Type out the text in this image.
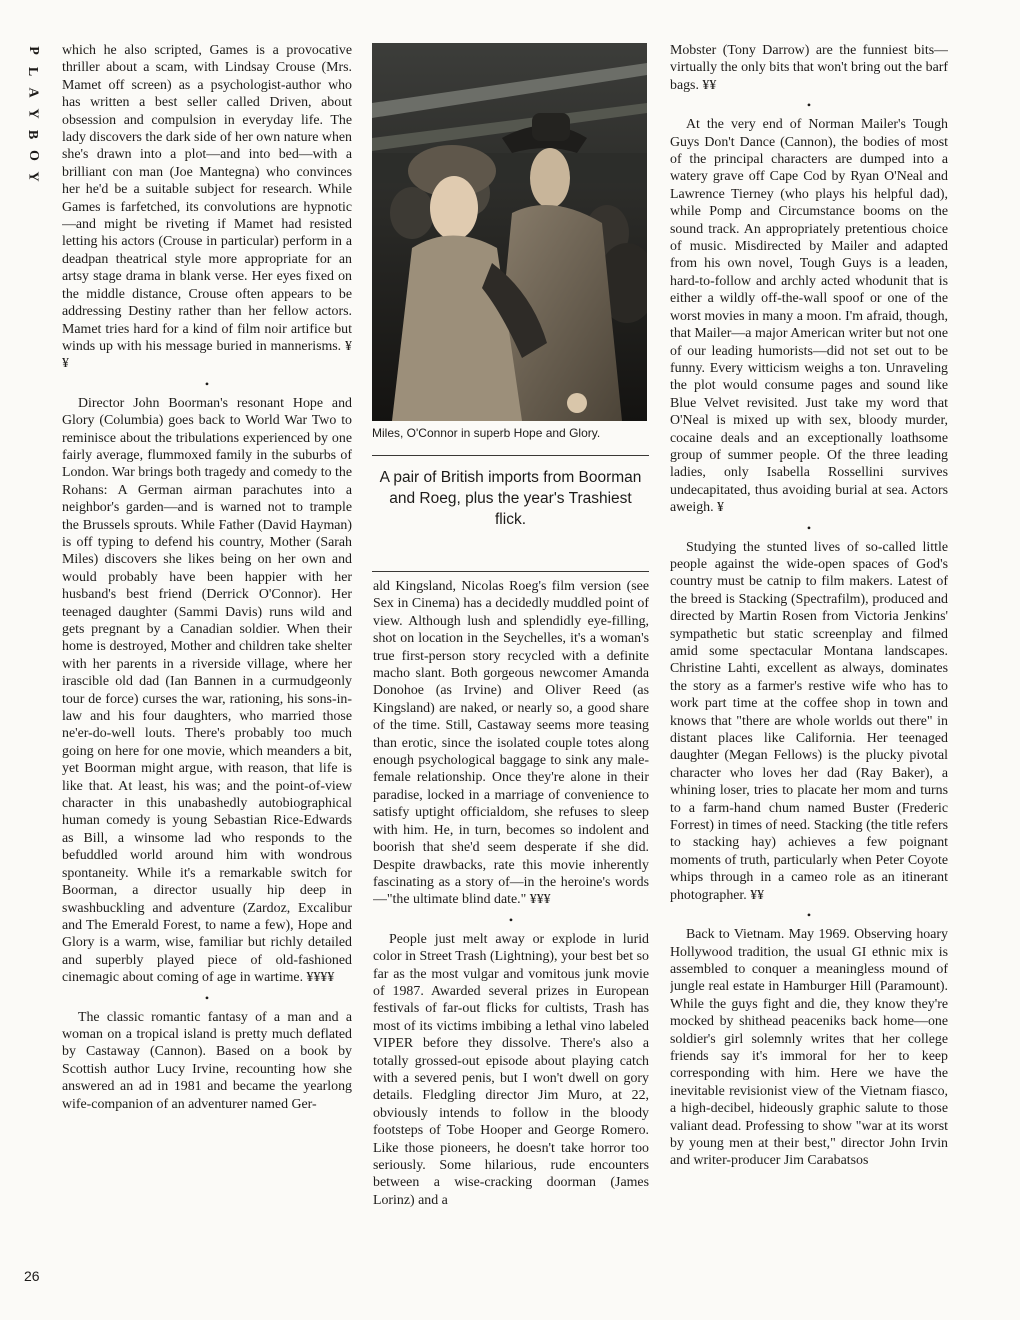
P
L
A
Y
B
O
Y
26

which he also scripted, Games is a provocative thriller about a scam, with Lindsay Crouse (Mrs. Mamet off screen) as a psychologist-author who has written a best seller called Driven, about obsession and compulsion in everyday life. The lady discovers the dark side of her own nature when she's drawn into a plot—and into bed—with a brilliant con man (Joe Mantegna) who convinces her he'd be a suitable subject for research. While Games is farfetched, its convolutions are hypnotic—and might be riveting if Mamet had resisted letting his actors (Crouse in particular) perform in a deadpan theatrical style more appropriate for an artsy stage drama in blank verse. Her eyes fixed on the middle distance, Crouse often appears to be addressing Destiny rather than her fellow actors. Mamet tries hard for a kind of film noir artifice but winds up with his message buried in mannerisms. ¥¥

•

Director John Boorman's resonant Hope and Glory (Columbia) goes back to World War Two to reminisce about the tribulations experienced by one fairly average, flummoxed family in the suburbs of London. War brings both tragedy and comedy to the Rohans: A German airman parachutes into a neighbor's garden—and is warned not to trample the Brussels sprouts. While Father (David Hayman) is off typing to defend his country, Mother (Sarah Miles) discovers she likes being on her own and would probably have been happier with her husband's best friend (Derrick O'Connor). Her teenaged daughter (Sammi Davis) runs wild and gets pregnant by a Canadian soldier. When their home is destroyed, Mother and children take shelter with her parents in a riverside village, where her irascible old dad (Ian Bannen in a curmudgeonly tour de force) curses the war, rationing, his sons-in-law and his four daughters, who married those ne'er-do-well louts. There's probably too much going on here for one movie, which meanders a bit, yet Boorman might argue, with reason, that life is like that. At least, his was; and the point-of-view character in this unabashedly autobiographical human comedy is young Sebastian Rice-Edwards as Bill, a winsome lad who responds to the befuddled world around him with wondrous spontaneity. While it's a remarkable switch for Boorman, a director usually hip deep in swashbuckling and adventure (Zardoz, Excalibur and The Emerald Forest, to name a few), Hope and Glory is a warm, wise, familiar but richly detailed and superbly played piece of old-fashioned cinemagic about coming of age in wartime. ¥¥¥¥

•

The classic romantic fantasy of a man and a woman on a tropical island is pretty much deflated by Castaway (Cannon). Based on a book by Scottish author Lucy Irvine, recounting how she answered an ad in 1981 and became the yearlong wife-companion of an adventurer named Ger-

Miles, O'Connor in superb Hope and Glory.
A pair of British imports from Boorman and Roeg, plus the year's Trashiest flick.

ald Kingsland, Nicolas Roeg's film version (see Sex in Cinema) has a decidedly muddled point of view. Although lush and splendidly eye-filling, shot on location in the Seychelles, it's a woman's true first-person story recycled with a definite macho slant. Both gorgeous newcomer Amanda Donohoe (as Irvine) and Oliver Reed (as Kingsland) are naked, or nearly so, a good share of the time. Still, Castaway seems more teasing than erotic, since the isolated couple totes along enough psychological baggage to sink any male-female relationship. Once they're alone in their paradise, locked in a marriage of convenience to satisfy uptight officialdom, she refuses to sleep with him. He, in turn, becomes so indolent and boorish that she'd seem desperate if she did. Despite drawbacks, rate this movie inherently fascinating as a story of—in the heroine's words—"the ultimate blind date." ¥¥¥

•

People just melt away or explode in lurid color in Street Trash (Lightning), your best bet so far as the most vulgar and vomitous junk movie of 1987. Awarded several prizes in European festivals of far-out flicks for cultists, Trash has most of its victims imbibing a lethal vino labeled VIPER before they dissolve. There's also a totally grossed-out episode about playing catch with a severed penis, but I won't dwell on gory details. Fledgling director Jim Muro, at 22, obviously intends to follow in the bloody footsteps of Tobe Hooper and George Romero. Like those pioneers, he doesn't take horror too seriously. Some hilarious, rude encounters between a wise-cracking doorman (James Lorinz) and a

Mobster (Tony Darrow) are the funniest bits—virtually the only bits that won't bring out the barf bags. ¥¥

•

At the very end of Norman Mailer's Tough Guys Don't Dance (Cannon), the bodies of most of the principal characters are dumped into a watery grave off Cape Cod by Ryan O'Neal and Lawrence Tierney (who plays his helpful dad), while Pomp and Circumstance booms on the sound track. An appropriately pretentious choice of music. Misdirected by Mailer and adapted from his own novel, Tough Guys is a leaden, hard-to-follow and archly acted whodunit that is either a wildly off-the-wall spoof or one of the worst movies in many a moon. I'm afraid, though, that Mailer—a major American writer but not one of our leading humorists—did not set out to be funny. Every witticism weighs a ton. Unraveling the plot would consume pages and sound like Blue Velvet revisited. Just take my word that O'Neal is mixed up with sex, bloody murder, cocaine deals and an exceptionally loathsome group of summer people. Of the three leading ladies, only Isabella Rossellini survives undecapitated, thus avoiding burial at sea. Actors aweigh. ¥

•

Studying the stunted lives of so-called little people against the wide-open spaces of God's country must be catnip to film makers. Latest of the breed is Stacking (Spectrafilm), produced and directed by Martin Rosen from Victoria Jenkins' sympathetic but static screenplay and filmed amid some spectacular Montana landscapes. Christine Lahti, excellent as always, dominates the story as a farmer's restive wife who has to work part time at the coffee shop in town and knows that "there are whole worlds out there" in distant places like California. Her teenaged daughter (Megan Fellows) is the plucky pivotal character who loves her dad (Ray Baker), a whining loser, tries to placate her mom and turns to a farm-hand chum named Buster (Frederic Forrest) in times of need. Stacking (the title refers to stacking hay) achieves a few poignant moments of truth, particularly when Peter Coyote whips through in a cameo role as an itinerant photographer. ¥¥

•

Back to Vietnam. May 1969. Observing hoary Hollywood tradition, the usual GI ethnic mix is assembled to conquer a meaningless mound of jungle real estate in Hamburger Hill (Paramount). While the guys fight and die, they know they're mocked by shithead peaceniks back home—one soldier's girl solemnly writes that her college friends say it's immoral for her to keep corresponding with him. Here we have the inevitable revisionist view of the Vietnam fiasco, a high-decibel, hideously graphic salute to those valiant dead. Professing to show "war at its worst by young men at their best," director John Irvin and writer-producer Jim Carabatsos
